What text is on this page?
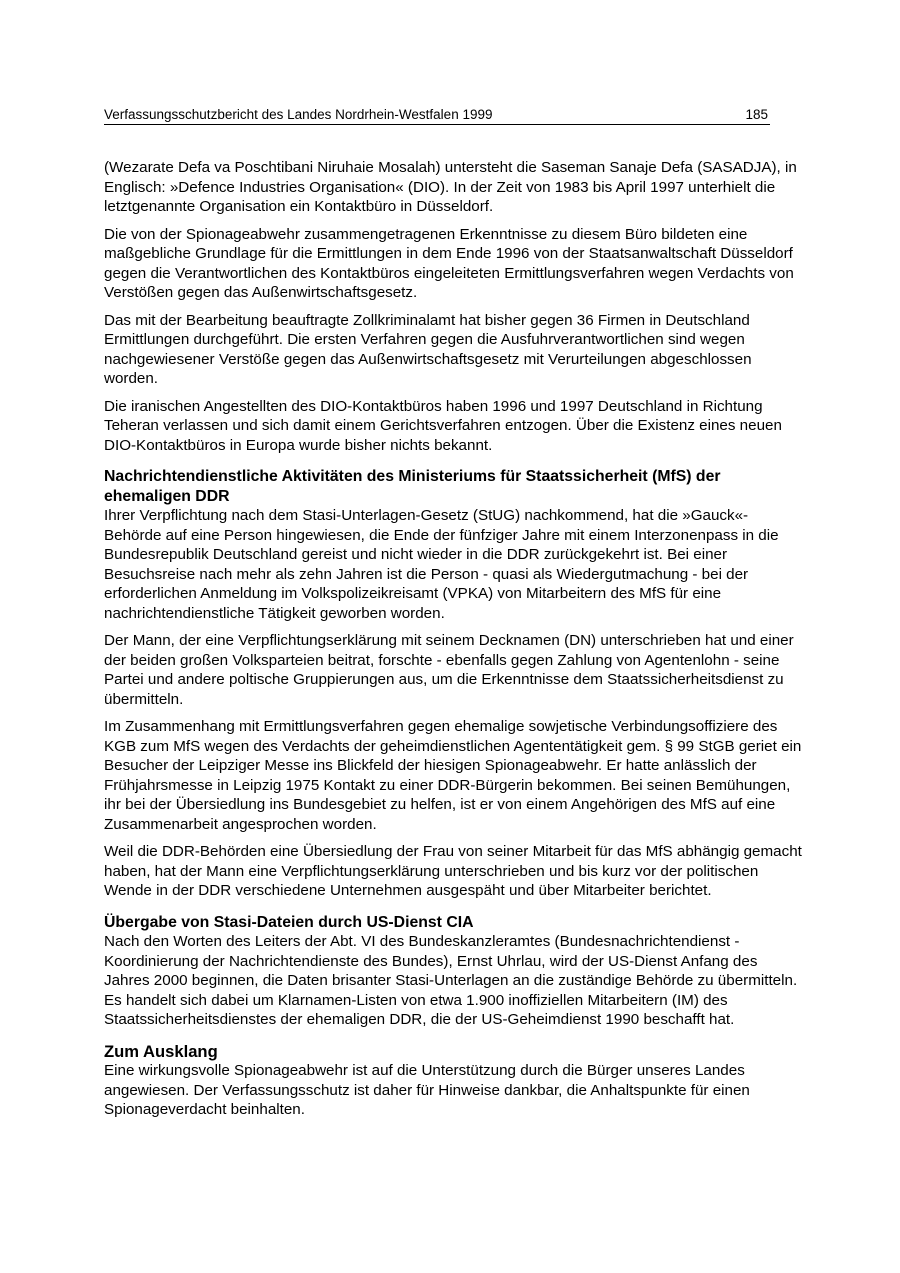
Verfassungsschutzbericht des Landes Nordrhein-Westfalen 1999	185

(Wezarate Defa va Poschtibani Niruhaie Mosalah) untersteht die Saseman Sanaje Defa (SASADJA), in Englisch: »Defence Industries Organisation« (DIO). In der Zeit von 1983 bis April 1997 unterhielt die letztgenannte Organisation ein Kontaktbüro in Düsseldorf.

Die von der Spionageabwehr zusammengetragenen Erkenntnisse zu diesem Büro bildeten eine maßgebliche Grundlage für die Ermittlungen in dem Ende 1996 von der Staatsanwaltschaft Düsseldorf gegen die Verantwortlichen des Kontaktbüros eingeleiteten Ermittlungsverfahren wegen Verdachts von Verstößen gegen das Außenwirtschaftsgesetz.

Das mit der Bearbeitung beauftragte Zollkriminalamt hat bisher gegen 36 Firmen in Deutschland Ermittlungen durchgeführt. Die ersten Verfahren gegen die Ausfuhrverantwortlichen sind wegen nachgewiesener Verstöße gegen das Außenwirtschaftsgesetz mit Verurteilungen abgeschlossen worden.

Die iranischen Angestellten des DIO-Kontaktbüros haben 1996 und 1997 Deutschland in Richtung Teheran verlassen und sich damit einem Gerichtsverfahren entzogen. Über die Existenz eines neuen DIO-Kontaktbüros in Europa wurde bisher nichts bekannt.

Nachrichtendienstliche Aktivitäten des Ministeriums für Staatssicherheit (MfS) der ehemaligen DDR

Ihrer Verpflichtung nach dem Stasi-Unterlagen-Gesetz (StUG) nachkommend, hat die »Gauck«-Behörde auf eine Person hingewiesen, die Ende der fünfziger Jahre mit einem Interzonenpass in die Bundesrepublik Deutschland gereist und nicht wieder in die DDR zurückgekehrt ist. Bei einer Besuchsreise nach mehr als zehn Jahren ist die Person - quasi als Wiedergutmachung - bei der erforderlichen Anmeldung im Volkspolizeikreisamt (VPKA) von Mitarbeitern des MfS für eine nachrichtendienstliche Tätigkeit geworben worden.

Der Mann, der eine Verpflichtungserklärung mit seinem Decknamen (DN) unterschrieben hat und einer der beiden großen Volksparteien beitrat, forschte - ebenfalls gegen Zahlung von Agentenlohn - seine Partei und andere poltische Gruppierungen aus, um die Erkenntnisse dem Staatssicherheitsdienst zu übermitteln.

Im Zusammenhang mit Ermittlungsverfahren gegen ehemalige sowjetische Verbindungsoffiziere des KGB zum MfS wegen des Verdachts der geheimdienstlichen Agententätigkeit gem. § 99 StGB geriet ein Besucher der Leipziger Messe ins Blickfeld der hiesigen Spionageabwehr. Er hatte anlässlich der Frühjahrsmesse in Leipzig 1975 Kontakt zu einer DDR-Bürgerin bekommen. Bei seinen Bemühungen, ihr bei der Übersiedlung ins Bundesgebiet zu helfen, ist er von einem Angehörigen des MfS auf eine Zusammenarbeit angesprochen worden.

Weil die DDR-Behörden eine Übersiedlung der Frau von seiner Mitarbeit für das MfS abhängig gemacht haben, hat der Mann eine Verpflichtungserklärung unterschrieben und bis kurz vor der politischen Wende in der DDR verschiedene Unternehmen ausgespäht und über Mitarbeiter berichtet.

Übergabe von Stasi-Dateien durch US-Dienst CIA

Nach den Worten des Leiters der Abt. VI des Bundeskanzleramtes (Bundesnachrichtendienst - Koordinierung der Nachrichtendienste des Bundes), Ernst Uhrlau, wird der US-Dienst Anfang des Jahres 2000 beginnen, die Daten brisanter Stasi-Unterlagen an die zuständige Behörde zu übermitteln. Es handelt sich dabei um Klarnamen-Listen von etwa 1.900 inoffiziellen Mitarbeitern (IM) des Staatssicherheitsdienstes der ehemaligen DDR, die der US-Geheimdienst 1990 beschafft hat.

Zum Ausklang

Eine wirkungsvolle Spionageabwehr ist auf die Unterstützung durch die Bürger unseres Landes angewiesen. Der Verfassungsschutz ist daher für Hinweise dankbar, die Anhaltspunkte für einen Spionageverdacht beinhalten.
